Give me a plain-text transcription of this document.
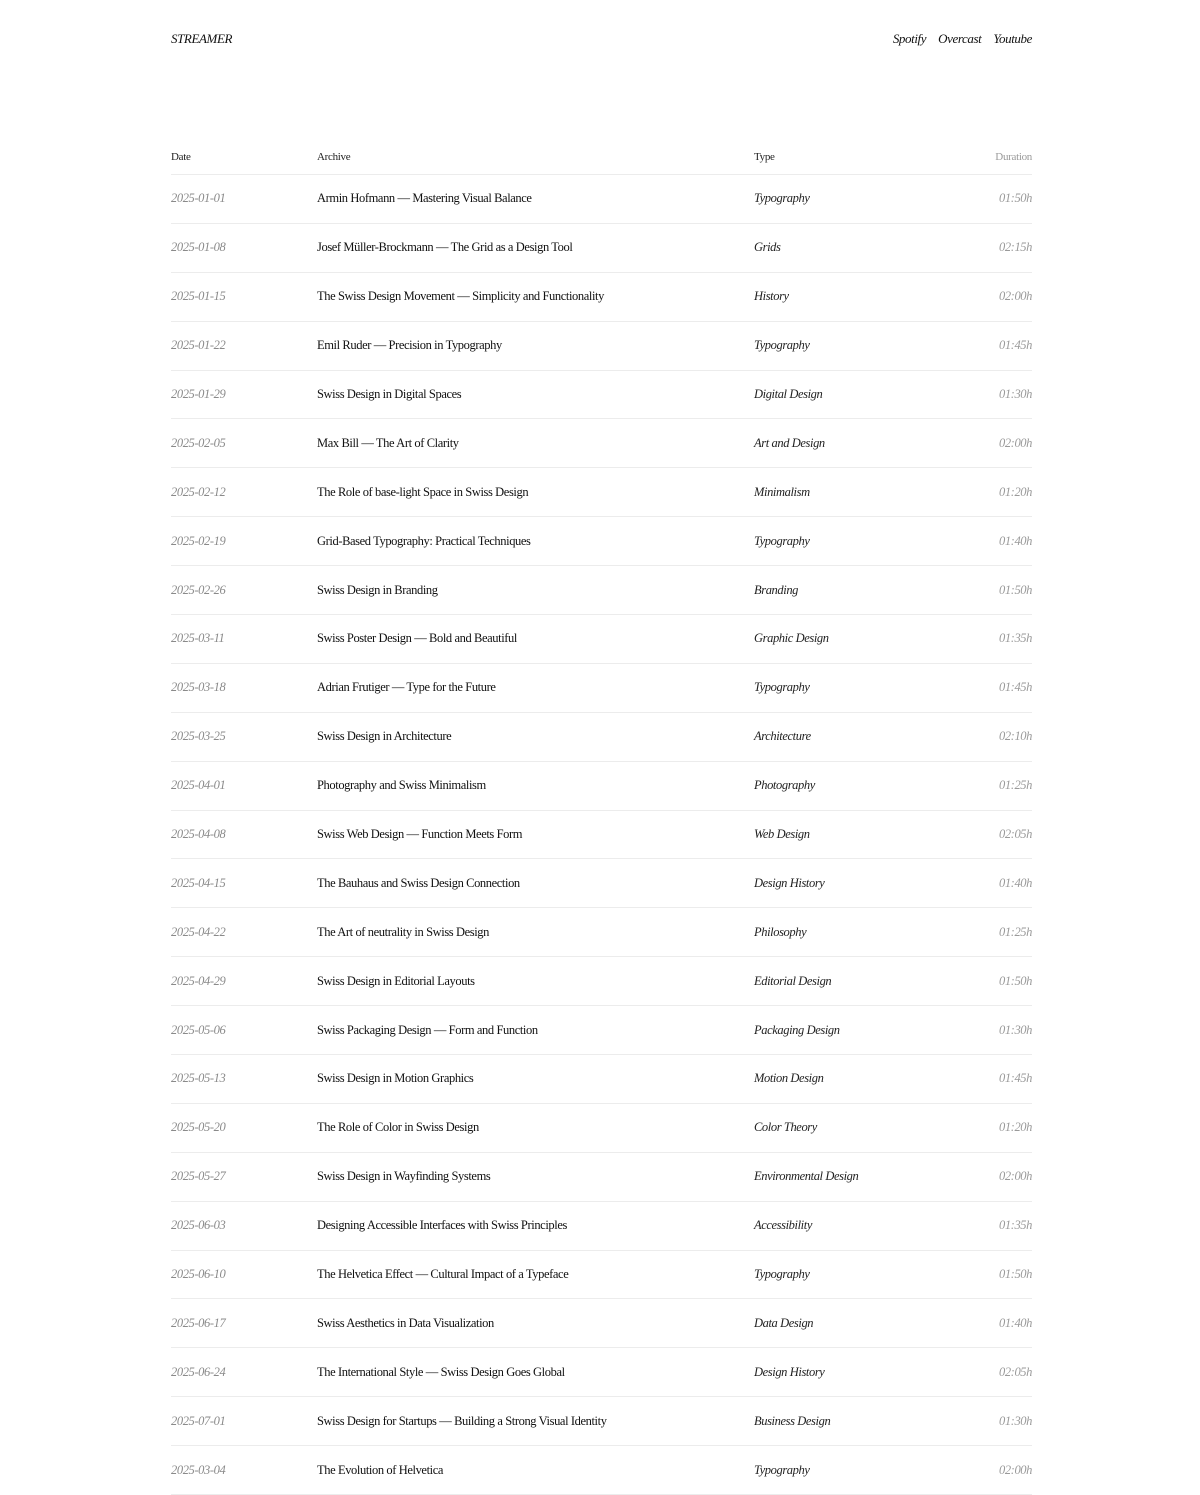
STREAMER	Spotify Overcast Youtube
Date	Archive	Type	Duration
2025-01-01	Armin Hofmann — Mastering Visual Balance	Typography	01:50h
2025-01-08	Josef Müller-Brockmann — The Grid as a Design Tool	Grids	02:15h
2025-01-15	The Swiss Design Movement — Simplicity and Functionality	History	02:00h
2025-01-22	Emil Ruder — Precision in Typography	Typography	01:45h
2025-01-29	Swiss Design in Digital Spaces	Digital Design	01:30h
2025-02-05	Max Bill — The Art of Clarity	Art and Design	02:00h
2025-02-12	The Role of base-light Space in Swiss Design	Minimalism	01:20h
2025-02-19	Grid-Based Typography: Practical Techniques	Typography	01:40h
2025-02-26	Swiss Design in Branding	Branding	01:50h
2025-03-11	Swiss Poster Design — Bold and Beautiful	Graphic Design	01:35h
2025-03-18	Adrian Frutiger — Type for the Future	Typography	01:45h
2025-03-25	Swiss Design in Architecture	Architecture	02:10h
2025-04-01	Photography and Swiss Minimalism	Photography	01:25h
2025-04-08	Swiss Web Design — Function Meets Form	Web Design	02:05h
2025-04-15	The Bauhaus and Swiss Design Connection	Design History	01:40h
2025-04-22	The Art of neutrality in Swiss Design	Philosophy	01:25h
2025-04-29	Swiss Design in Editorial Layouts	Editorial Design	01:50h
2025-05-06	Swiss Packaging Design — Form and Function	Packaging Design	01:30h
2025-05-13	Swiss Design in Motion Graphics	Motion Design	01:45h
2025-05-20	The Role of Color in Swiss Design	Color Theory	01:20h
2025-05-27	Swiss Design in Wayfinding Systems	Environmental Design	02:00h
2025-06-03	Designing Accessible Interfaces with Swiss Principles	Accessibility	01:35h
2025-06-10	The Helvetica Effect — Cultural Impact of a Typeface	Typography	01:50h
2025-06-17	Swiss Aesthetics in Data Visualization	Data Design	01:40h
2025-06-24	The International Style — Swiss Design Goes Global	Design History	02:05h
2025-07-01	Swiss Design for Startups — Building a Strong Visual Identity	Business Design	01:30h
2025-03-04	The Evolution of Helvetica	Typography	02:00h
